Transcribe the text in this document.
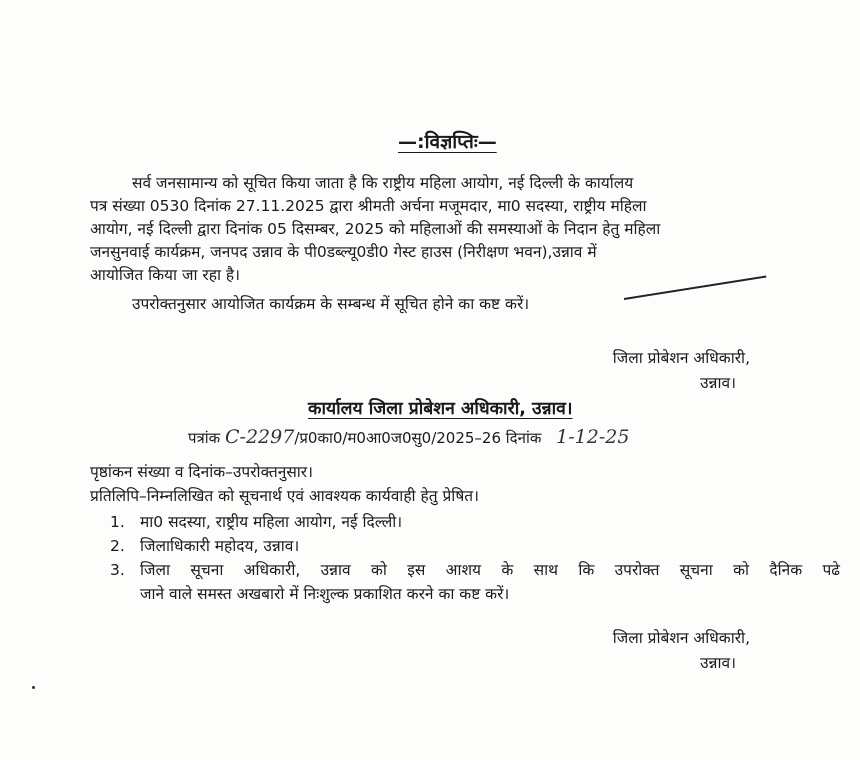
—:विज्ञप्तिः—
सर्व जनसामान्य को सूचित किया जाता है कि राष्ट्रीय महिला आयोग, नई दिल्ली के कार्यालय
पत्र संख्या 0530 दिनांक 27.11.2025 द्वारा श्रीमती अर्चना मजूमदार, मा0 सदस्या, राष्ट्रीय महिला
आयोग, नई दिल्ली द्वारा दिनांक 05 दिसम्बर, 2025 को महिलाओं की समस्याओं के निदान हेतु महिला
जनसुनवाई कार्यक्रम, जनपद उन्नाव के पी0डब्ल्यू0डी0 गेस्ट हाउस (निरीक्षण भवन),उन्नाव में
आयोजित किया जा रहा है।
उपरोक्तनुसार आयोजित कार्यक्रम के सम्बन्ध में सूचित होने का कष्ट करें।
जिला प्रोबेशन अधिकारी,
उन्नाव।
कार्यालय जिला प्रोबेशन अधिकारी, उन्नाव।
पत्रांक C-2297/प्र0का0/म0आ0ज0सु0/2025–26 दिनांक 1-12-25
पृष्ठांकन संख्या व दिनांक–उपरोक्तनुसार।
प्रतिलिपि–निम्नलिखित को सूचनार्थ एवं आवश्यक कार्यवाही हेतु प्रेषित।
1. मा0 सदस्या, राष्ट्रीय महिला आयोग, नई दिल्ली।
2. जिलाधिकारी महोदय, उन्नाव।
3. जिला सूचना अधिकारी, उन्नाव को इस आशय के साथ कि उपरोक्त सूचना को दैनिक पढे
जाने वाले समस्त अखबारो में निःशुल्क प्रकाशित करने का कष्ट करें।
जिला प्रोबेशन अधिकारी,
उन्नाव।
